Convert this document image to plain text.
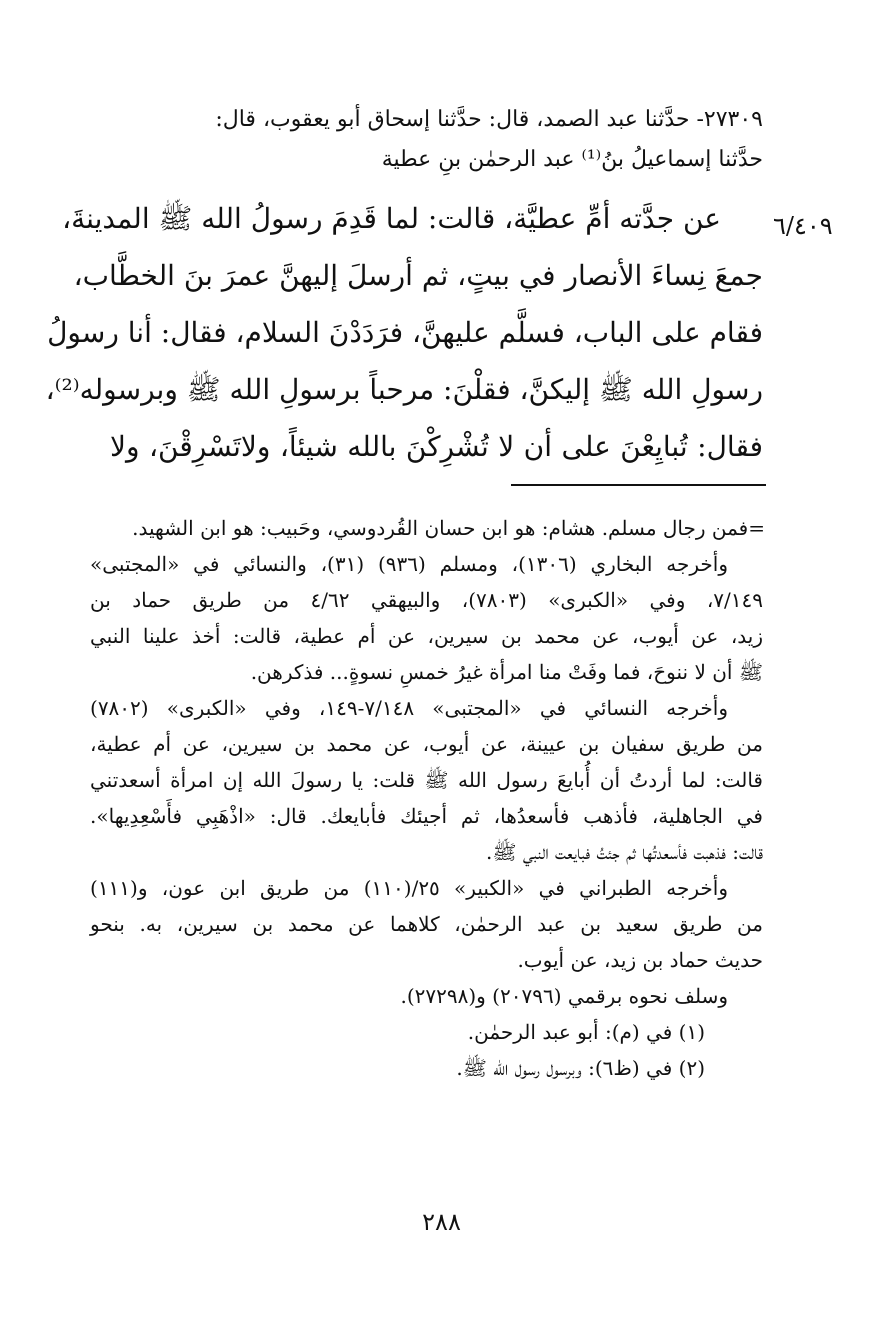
٢٧٣٠٩- حدَّثنا عبد الصمد، قال: حدَّثنا إسحاق أبو يعقوب، قال:

حدَّثنا إسماعيلُ بنُ⁽¹⁾ عبد الرحمٰن بنِ عطية

٦/٤٠٩

عن جدَّته أمِّ عطيَّة، قالت: لما قَدِمَ رسولُ الله ﷺ المدينةَ،

جمعَ نِساءَ الأنصار في بيتٍ، ثم أرسلَ إليهنَّ عمرَ بنَ الخطَّاب،

فقام على الباب، فسلَّم عليهنَّ، فرَدَدْنَ السلام، فقال: أنا رسولُ

رسولِ الله ﷺ إليكنَّ، فقلْنَ: مرحباً برسولِ الله ﷺ وبرسوله⁽²⁾،

فقال: تُبايِعْنَ على أن لا تُشْرِكْنَ بالله شيئاً، ولاتَسْرِقْنَ، ولا

=فمن رجال مسلم. هشام: هو ابن حسان القُردوسي، وحَبيب: هو ابن الشهيد.

وأخرجه البخاري (١٣٠٦)، ومسلم (٩٣٦) (٣١)، والنسائي في «المجتبى»

٧/١٤٩، وفي «الكبرى» (٧٨٠٣)، والبيهقي ٤/٦٢ من طريق حماد بن

زيد، عن أيوب، عن محمد بن سيرين، عن أم عطية، قالت: أخذ علينا النبي

ﷺ أن لا ننوحَ، فما وفَتْ منا امرأة غيرُ خمسِ نسوةٍ... فذكرهن.

وأخرجه النسائي في «المجتبى» ٧/١٤٨-١٤٩، وفي «الكبرى» (٧٨٠٢)

من طريق سفيان بن عيينة، عن أيوب، عن محمد بن سيرين، عن أم عطية،

قالت: لما أردتُ أن أُبايعَ رسول الله ﷺ قلت: يا رسولَ الله إن امرأة أسعدتني

في الجاهلية، فأذهب فأسعدُها، ثم أجيئك فأبايعك. قال: «اذْهَبِي فأَسْعِدِيها».

قالت: فذهبت فأسعدتُها ثم جئتُ فبايعت النبي ﷺ.

وأخرجه الطبراني في «الكبير» ٢٥/(١١٠) من طريق ابن عون، و(١١١)

من طريق سعيد بن عبد الرحمٰن، كلاهما عن محمد بن سيرين، به. بنحو

حديث حماد بن زيد، عن أيوب.

وسلف نحوه برقمي (٢٠٧٩٦) و(٢٧٢٩٨).

(١) في (م): أبو عبد الرحمٰن.

(٢) في (ظ٦): وبرسول رسول الله ﷺ.

٢٨٨
